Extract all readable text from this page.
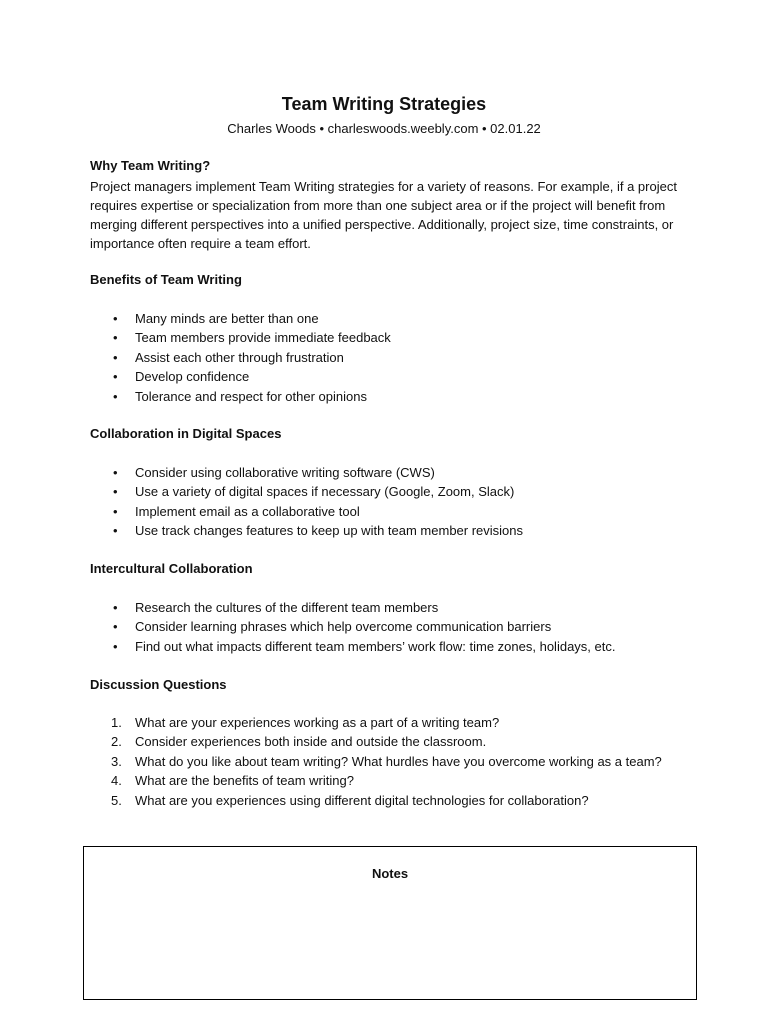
Team Writing Strategies
Charles Woods • charleswoods.weebly.com • 02.01.22
Why Team Writing?

Project managers implement Team Writing strategies for a variety of reasons. For example, if a project requires expertise or specialization from more than one subject area or if the project will benefit from merging different perspectives into a unified perspective. Additionally, project size, time constraints, or importance often require a team effort.

Benefits of Team Writing
• Many minds are better than one
• Team members provide immediate feedback
• Assist each other through frustration
• Develop confidence
• Tolerance and respect for other opinions
Collaboration in Digital Spaces
• Consider using collaborative writing software (CWS)
• Use a variety of digital spaces if necessary (Google, Zoom, Slack)
• Implement email as a collaborative tool
• Use track changes features to keep up with team member revisions
Intercultural Collaboration
• Research the cultures of the different team members
• Consider learning phrases which help overcome communication barriers
• Find out what impacts different team members’ work flow: time zones, holidays, etc.
Discussion Questions
1. What are your experiences working as a part of a writing team?
2. Consider experiences both inside and outside the classroom.
3. What do you like about team writing? What hurdles have you overcome working as a team?
4. What are the benefits of team writing?
5. What are you experiences using different digital technologies for collaboration?
Notes
